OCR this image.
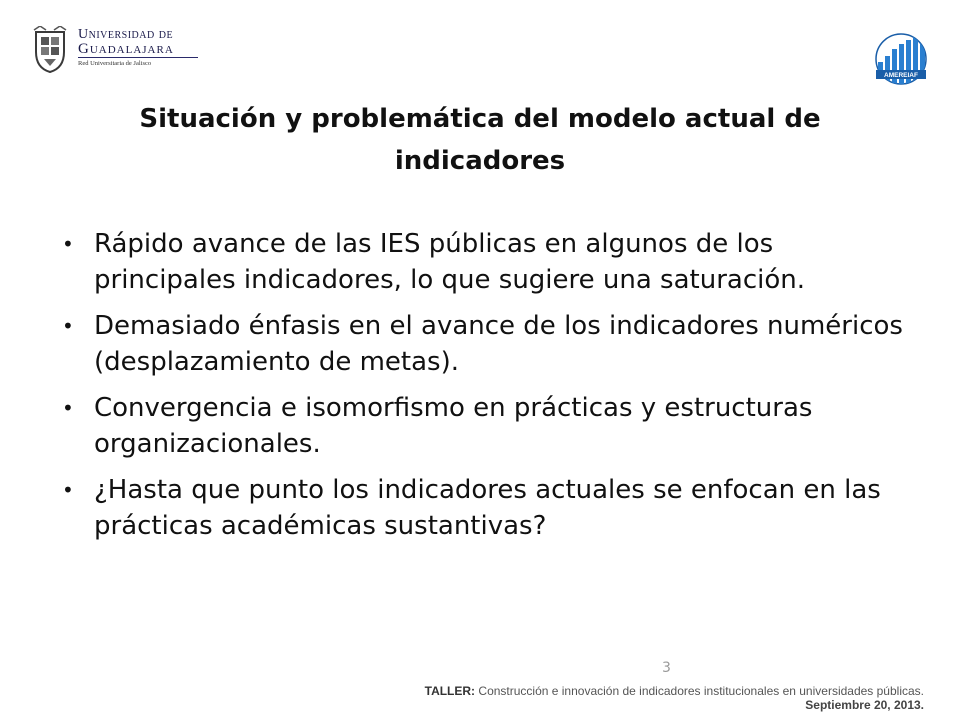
Universidad de
Guadalajara
Red Universitaria de Jalisco
AMEREIAF
Situación y problemática del modelo actual de indicadores
• Rápido avance de las IES públicas en algunos de los principales indicadores, lo que sugiere una saturación.
• Demasiado énfasis en el avance de los indicadores numéricos (desplazamiento de metas).
• Convergencia e isomorfismo en prácticas y estructuras organizacionales.
• ¿Hasta que punto los indicadores actuales se enfocan en las prácticas académicas sustantivas?
3
TALLER: Construcción e innovación de indicadores institucionales en universidades públicas.
Septiembre 20, 2013.
